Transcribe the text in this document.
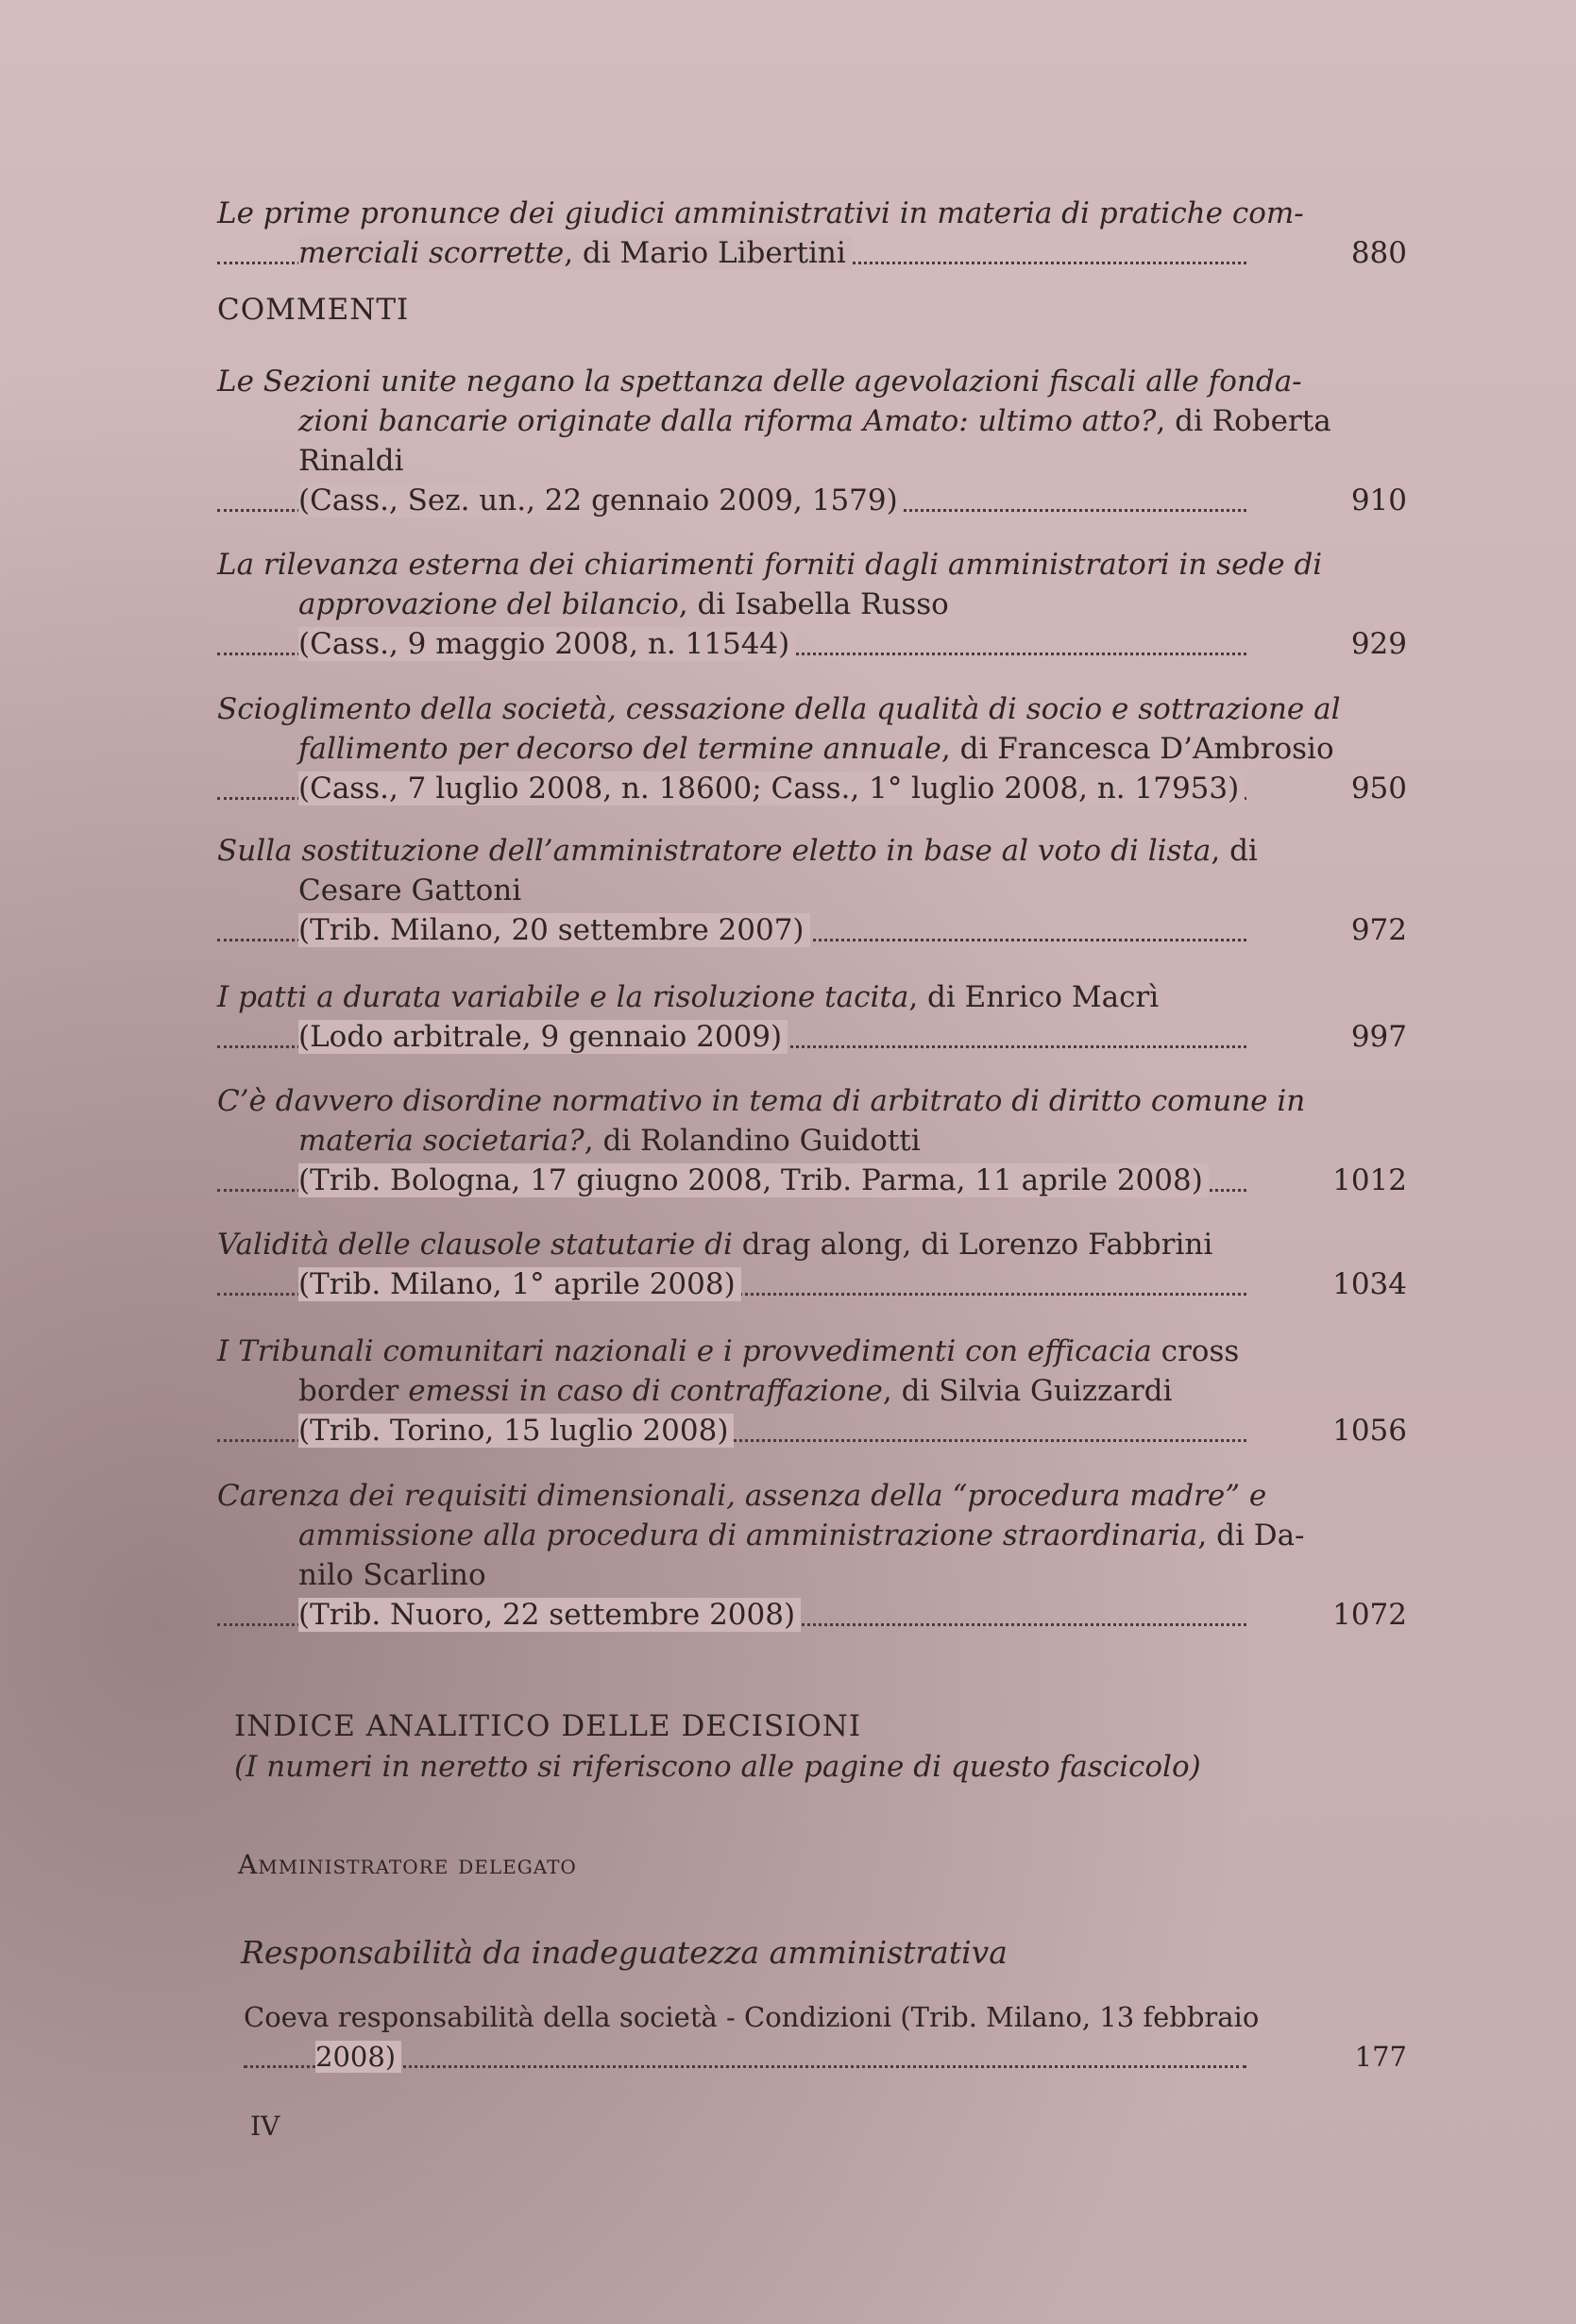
Le prime pronunce dei giudici amministrativi in materia di pratiche com-
merciali scorrette, di Mario Libertini	880
COMMENTI
Le Sezioni unite negano la spettanza delle agevolazioni fiscali alle fonda-
zioni bancarie originate dalla riforma Amato: ultimo atto?, di Roberta
Rinaldi
(Cass., Sez. un., 22 gennaio 2009, 1579)	910
La rilevanza esterna dei chiarimenti forniti dagli amministratori in sede di
approvazione del bilancio, di Isabella Russo
(Cass., 9 maggio 2008, n. 11544)	929
Scioglimento della società, cessazione della qualità di socio e sottrazione al
fallimento per decorso del termine annuale, di Francesca D’Ambrosio
(Cass., 7 luglio 2008, n. 18600; Cass., 1° luglio 2008, n. 17953)	950
Sulla sostituzione dell’amministratore eletto in base al voto di lista, di
Cesare Gattoni
(Trib. Milano, 20 settembre 2007)	972
I patti a durata variabile e la risoluzione tacita, di Enrico Macrì
(Lodo arbitrale, 9 gennaio 2009)	997
C’è davvero disordine normativo in tema di arbitrato di diritto comune in
materia societaria?, di Rolandino Guidotti
(Trib. Bologna, 17 giugno 2008, Trib. Parma, 11 aprile 2008)	1012
Validità delle clausole statutarie di drag along, di Lorenzo Fabbrini
(Trib. Milano, 1° aprile 2008)	1034
I Tribunali comunitari nazionali e i provvedimenti con efficacia cross
border emessi in caso di contraffazione, di Silvia Guizzardi
(Trib. Torino, 15 luglio 2008)	1056
Carenza dei requisiti dimensionali, assenza della “procedura madre” e
ammissione alla procedura di amministrazione straordinaria, di Da-
nilo Scarlino
(Trib. Nuoro, 22 settembre 2008)	1072
INDICE ANALITICO DELLE DECISIONI
(I numeri in neretto si riferiscono alle pagine di questo fascicolo)
Amministratore delegato
Responsabilità da inadeguatezza amministrativa
Coeva responsabilità della società - Condizioni (Trib. Milano, 13 febbraio
2008)	177
IV
